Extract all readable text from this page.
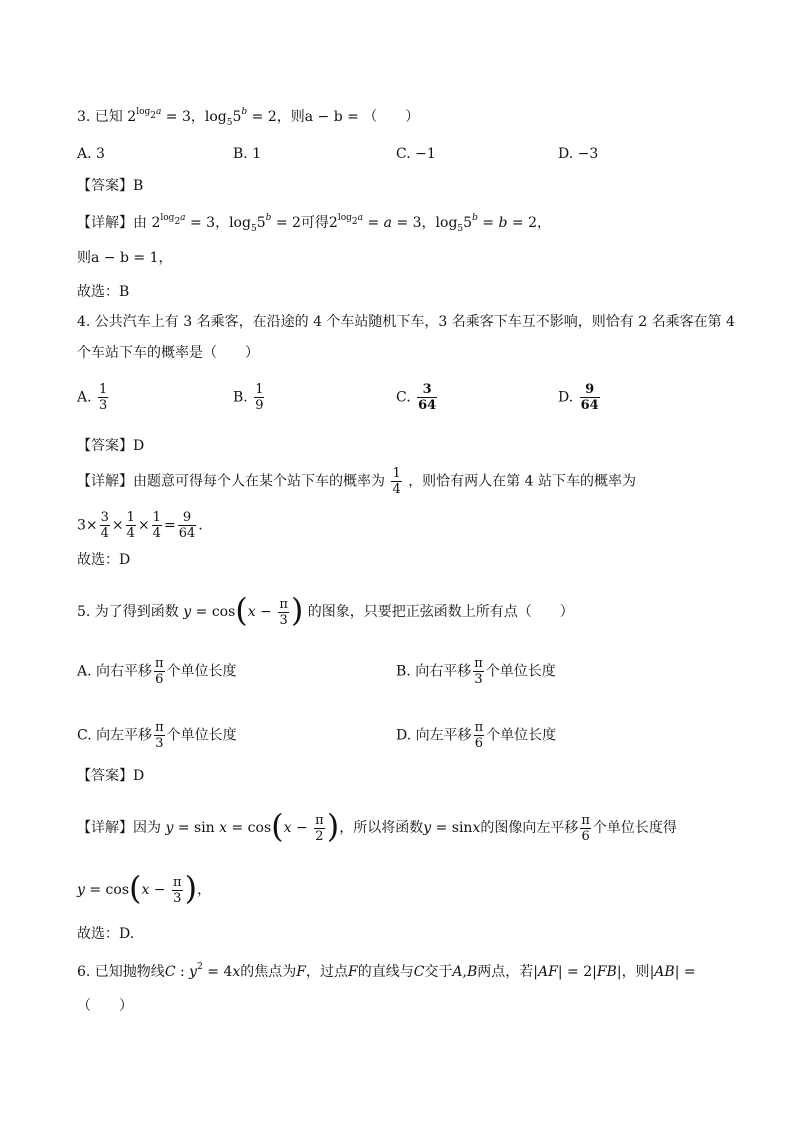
3. 已知 $2^{log2a} = 3$，$\log_55^b = 2$，则a − b = （　　）
A. 3	B. 1	C. −1	D. −3
【答案】B
【详解】由 $2^{log2a} = 3$，$\log_55^b = 2$可得$2^{log2a} = a = 3$，$\log_55^b = b = 2$，
则a − b = 1，
故选：B
4. 公共汽车上有 3 名乘客，在沿途的 4 个车站随机下车，3 名乘客下车互不影响，则恰有 2 名乘客在第 4
个车站下车的概率是（　　）
A. $\frac{1}{3}$	B. $\frac{1}{9}$	C. $\frac{3}{64}$	D. $\frac{9}{64}$
【答案】D
【详解】由题意可得每个人在某个站下车的概率为 $\frac{1}{4}$ ，则恰有两人在第 4 站下车的概率为
$3\times \frac{3}{4} \times \frac{1}{4} \times \frac{1}{4} = \frac{9}{64}$ .
故选：D
5. 为了得到函数 $y = \cos(x - \frac{\pi}{3}$ ) 的图象，只要把正弦函数上所有点（　　）
A. 向右平移 $\frac{\pi}{6}$ 个单位长度	B. 向右平移 $\frac{\pi}{3}$ 个单位长度
C. 向左平移 $\frac{\pi}{3}$ 个单位长度	D. 向左平移 $\frac{\pi}{6}$ 个单位长度
【答案】D
【详解】因为 $y = \sin x = \cos(x - \frac{\pi}{2}$ )，所以将函数y = sinx的图像向左平移 $\frac{\pi}{6}$ 个单位长度得
$y = \cos(x - \frac{\pi}{3}$ )，
故选：D.
6. 已知抛物线C : $y^2 = 4x$的焦点为F，过点F的直线与C交于A,B两点，若|AF| = 2|FB|，则|AB| =
（　　）
